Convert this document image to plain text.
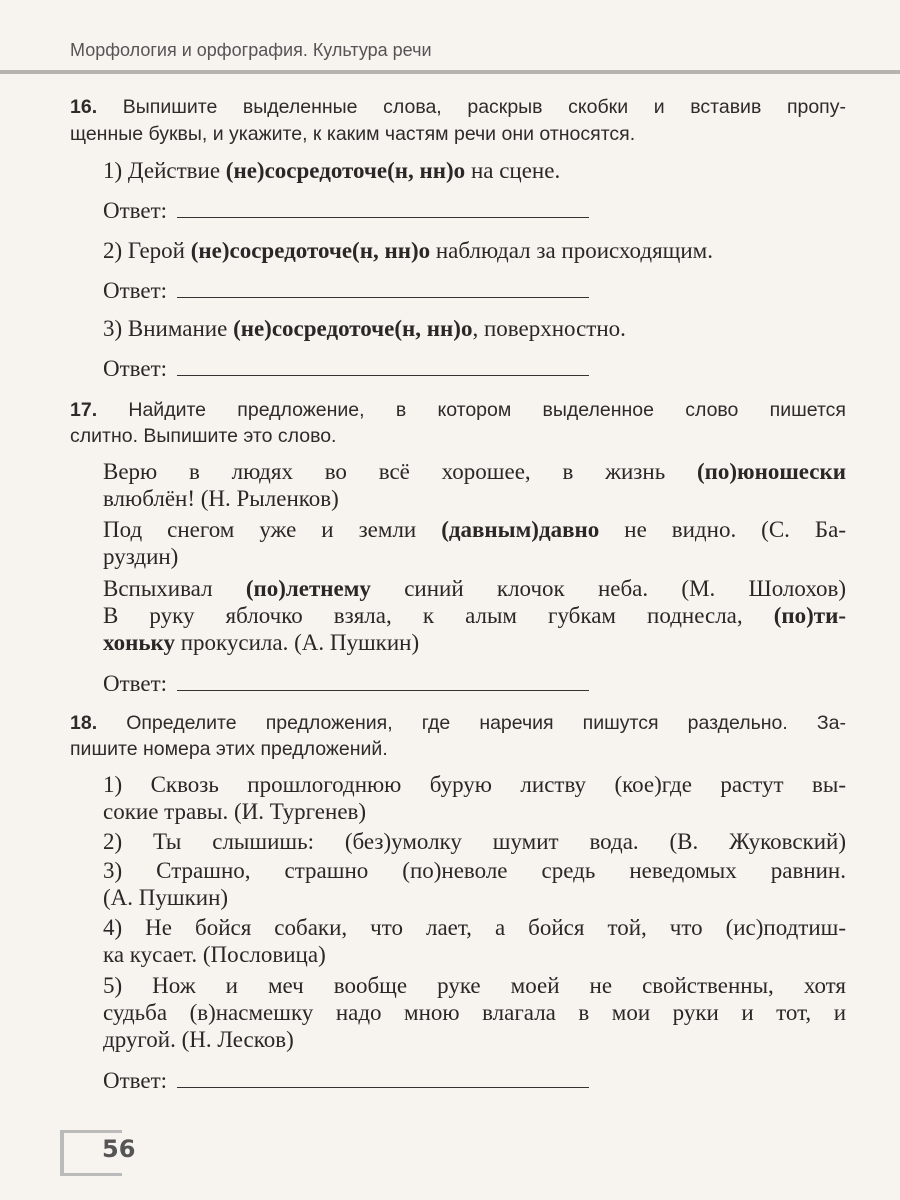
Морфология и орфография. Культура речи
16. Выпишите выделенные слова, раскрыв скобки и вставив пропу-
щенные буквы, и укажите, к каким частям речи они относятся.
1) Действие (не)сосредоточе(н, нн)о на сцене.
Ответ:
2) Герой (не)сосредоточе(н, нн)о наблюдал за происходящим.
Ответ:
3) Внимание (не)сосредоточе(н, нн)о, поверхностно.
Ответ:
17. Найдите предложение, в котором выделенное слово пишется
слитно. Выпишите это слово.
Верю в людях во всё хорошее, в жизнь (по)юношески
влюблён! (Н. Рыленков)
Под снегом уже и земли (давным)давно не видно. (С. Ба-
руздин)
Вспыхивал (по)летнему синий клочок неба. (М. Шолохов)
В руку яблочко взяла, к алым губкам поднесла, (по)ти-
хоньку прокусила. (А. Пушкин)
Ответ:
18. Определите предложения, где наречия пишутся раздельно. За-
пишите номера этих предложений.
1) Сквозь прошлогоднюю бурую листву (кое)где растут вы-
сокие травы. (И. Тургенев)
2) Ты слышишь: (без)умолку шумит вода. (В. Жуковский)
3) Страшно, страшно (по)неволе средь неведомых равнин.
(А. Пушкин)
4) Не бойся собаки, что лает, а бойся той, что (ис)подтиш-
ка кусает. (Пословица)
5) Нож и меч вообще руке моей не свойственны, хотя
судьба (в)насмешку надо мною влагала в мои руки и тот, и
другой. (Н. Лесков)
Ответ:
56
